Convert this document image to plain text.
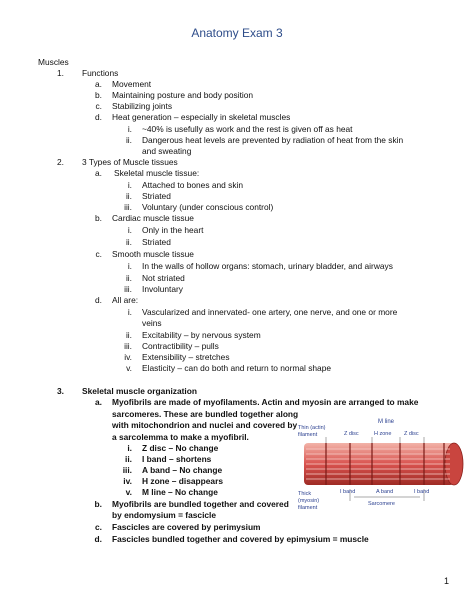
Anatomy Exam 3
Muscles
1. Functions
a. Movement
b. Maintaining posture and body position
c. Stabilizing joints
d. Heat generation – especially in skeletal muscles
i. ~40% is usefully as work and the rest is given off as heat
ii. Dangerous heat levels are prevented by radiation of heat from the skin
and sweating
2. 3 Types of Muscle tissues
a. Skeletal muscle tissue:
i. Attached to bones and skin
ii. Striated
iii. Voluntary (under conscious control)
b. Cardiac muscle tissue
i. Only in the heart
ii. Striated
c. Smooth muscle tissue
i. In the walls of hollow organs: stomach, urinary bladder, and airways
ii. Not striated
iii. Involuntary
d. All are:
i. Vascularized and innervated- one artery, one nerve, and one or more
veins
ii. Excitability – by nervous system
iii. Contractibility – pulls
iv. Extensibility – stretches
v. Elasticity – can do both and return to normal shape
3. Skeletal muscle organization
a. Myofibrils are made of myofilaments. Actin and myosin are arranged to make
sarcomeres. These are bundled together along
with mitochondrion and nuclei and covered by
a sarcolemma to make a myofibril.
i. Z disc – No change
ii. I band – shortens
iii. A band – No change
iv. H zone – disappears
v. M line – No change
b. Myofibrils are bundled together and covered
by endomysium = fascicle
c. Fascicles are covered by perimysium
d. Fascicles bundled together and covered by epimysium = muscle
M line
Thin (actin)
filament	Z disc	H zone Z disc
Thick
(myosin)
filament
I band	A band	I band
Sarcomere
1
